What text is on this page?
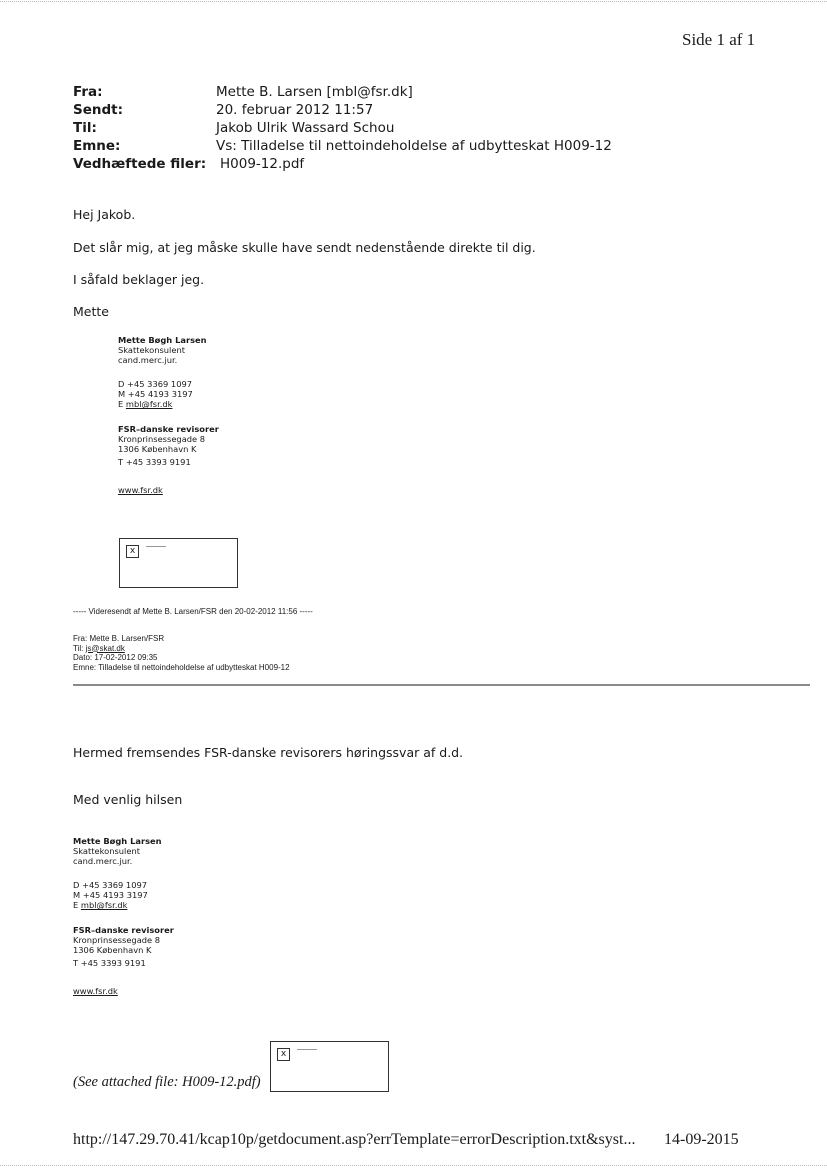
Side 1 af 1
Fra:	Mette B. Larsen [mbl@fsr.dk]
Sendt:	20. februar 2012 11:57
Til:	Jakob Ulrik Wassard Schou
Emne:	Vs: Tilladelse til nettoindeholdelse af udbytteskat H009-12
Vedhæftede filer: H009-12.pdf
Hej Jakob.
Det slår mig, at jeg måske skulle have sendt nedenstående direkte til dig.
I såfald beklager jeg.
Mette
Mette Bøgh Larsen
Skattekonsulent
cand.merc.jur.
D +45 3369 1097
M +45 4193 3197
E mbl@fsr.dk
FSR–danske revisorer
Kronprinsessegade 8
1306 København K
T +45 3393 9191
www.fsr.dk
x
----- Videresendt af Mette B. Larsen/FSR den 20-02-2012 11:56 -----
Fra: Mette B. Larsen/FSR
Til: js@skat.dk
Dato: 17-02-2012 09:35
Emne: Tilladelse til nettoindeholdelse af udbytteskat H009-12
Hermed fremsendes FSR-danske revisorers høringssvar af d.d.
Med venlig hilsen
Mette Bøgh Larsen
Skattekonsulent
cand.merc.jur.
D +45 3369 1097
M +45 4193 3197
E mbl@fsr.dk
FSR–danske revisorer
Kronprinsessegade 8
1306 København K
T +45 3393 9191
www.fsr.dk
x
(See attached file: H009-12.pdf)
http://147.29.70.41/kcap10p/getdocument.asp?errTemplate=errorDescription.txt&syst... 14-09-2015
